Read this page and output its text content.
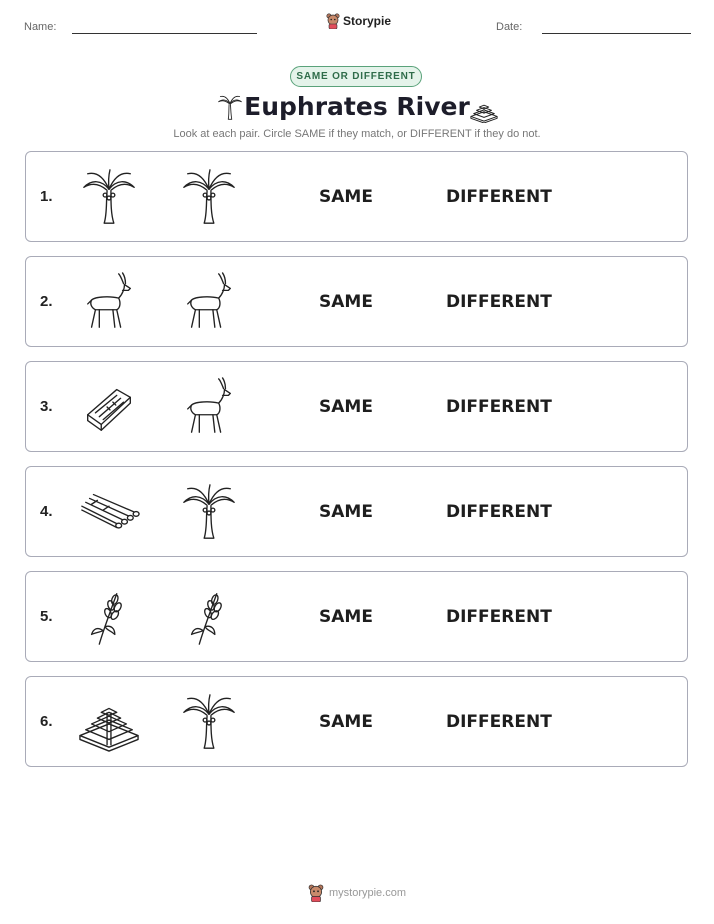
Name:	Storypie	Date:
SAME OR DIFFERENT
Euphrates River
Look at each pair. Circle SAME if they match, or DIFFERENT if they do not.
1.	SAME	DIFFERENT
2.	SAME	DIFFERENT
3.	SAME	DIFFERENT
4.	SAME	DIFFERENT
5.	SAME	DIFFERENT
6.	SAME	DIFFERENT
mystorypie.com
